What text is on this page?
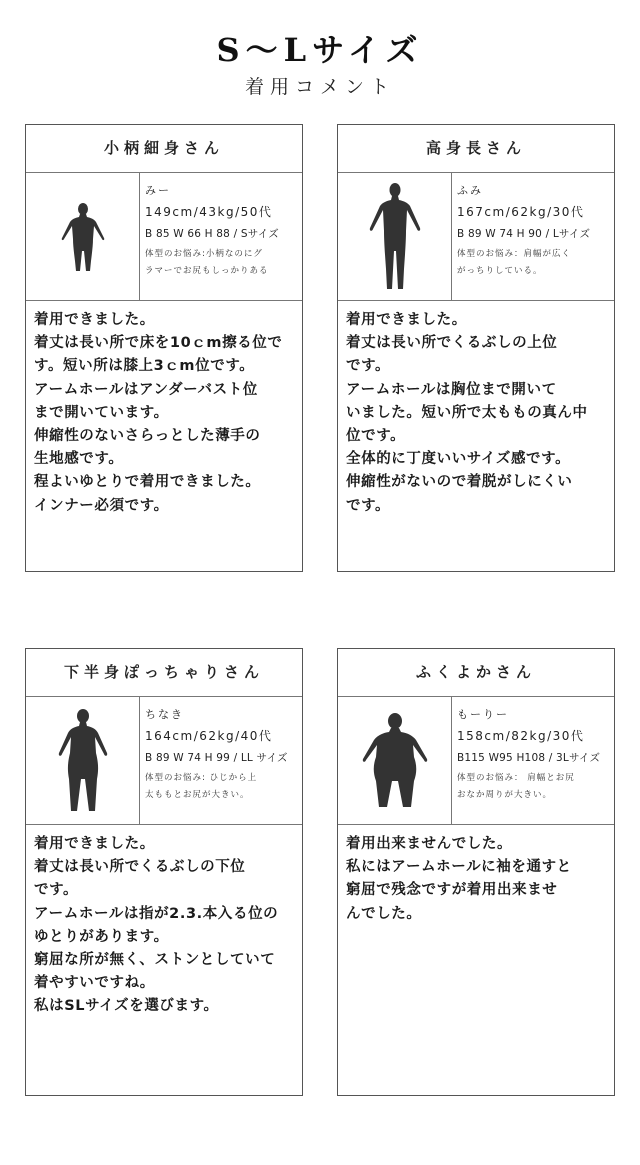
S～Lサイズ
着用コメント
小柄細身さん
みー
149cm/43kg/50代
B 85 W 66 H 88 / Sサイズ
体型のお悩み:小柄なのにグ
ラマーでお尻もしっかりある

着用できました。

着丈は長い所で床を10ｃm擦る位で

す。短い所は膝上3ｃm位です。

アームホールはアンダーバスト位

まで開いています。

伸縮性のないさらっとした薄手の

生地感です。

程よいゆとりで着用できました。

インナー必須です。

高身長さん
ふみ
167cm/62kg/30代
B 89 W 74 H 90 / Lサイズ
体型のお悩み：肩幅が広く
がっちりしている。

着用できました。

着丈は長い所でくるぶしの上位

です。

アームホールは胸位まで開いて

いました。短い所で太ももの真ん中

位です。

全体的に丁度いいサイズ感です。

伸縮性がないので着脱がしにくい

です。

下半身ぽっちゃりさん
ちなき
164cm/62kg/40代
B 89 W 74 H 99 / LL サイズ
体型のお悩み: ひじから上
太ももとお尻が大きい。

着用できました。

着丈は長い所でくるぶしの下位

です。

アームホールは指が2.3.本入る位の

ゆとりがあります。

窮屈な所が無く、ストンとしていて

着やすいですね。

私はSLサイズを選びます。

ふくよかさん
もーりー
158cm/82kg/30代
B115 W95 H108 / 3Lサイズ
体型のお悩み： 肩幅とお尻
おなか周りが大きい。

着用出来ませんでした。

私にはアームホールに袖を通すと

窮屈で残念ですが着用出来ませ

んでした。
